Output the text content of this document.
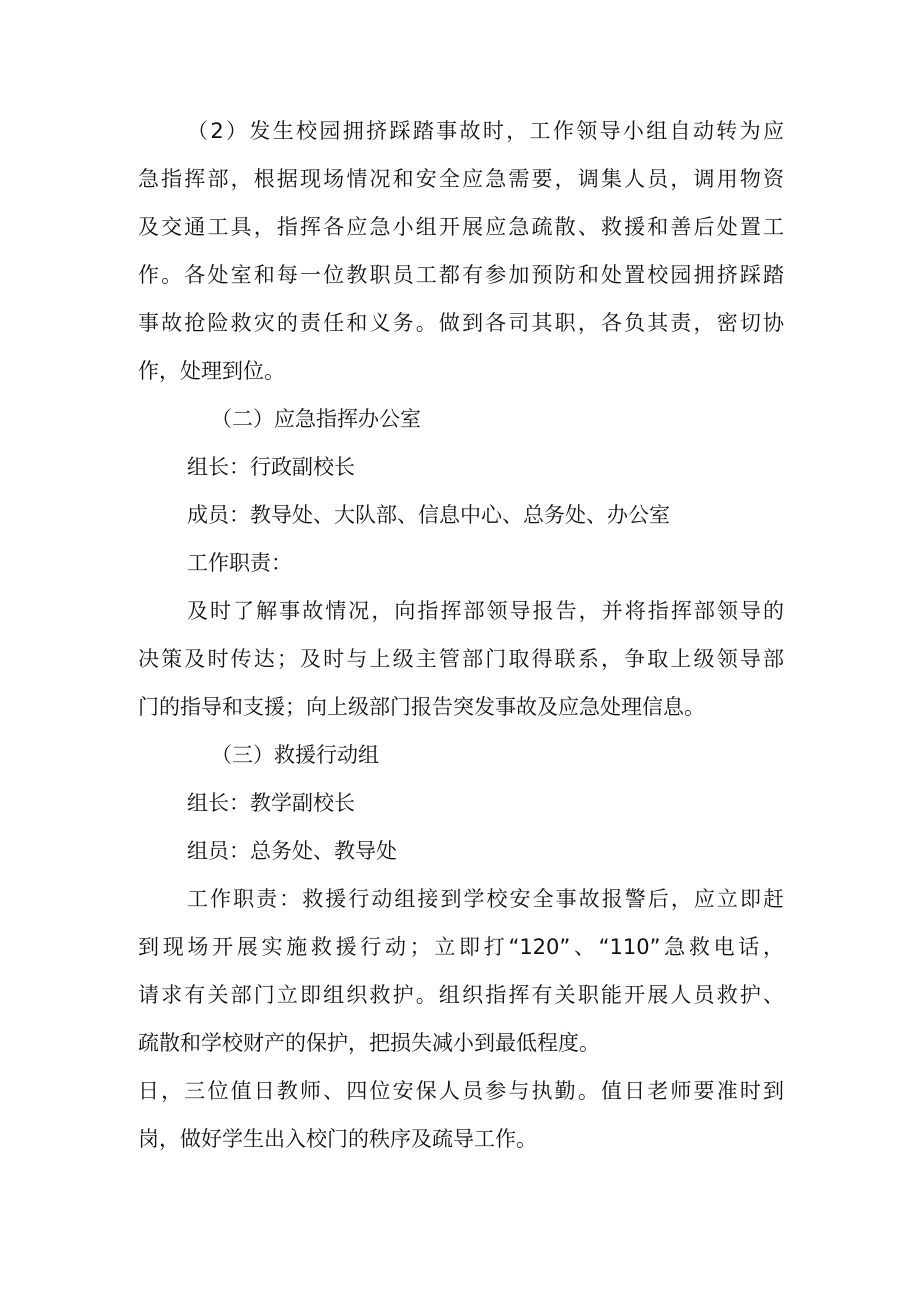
（2）发生校园拥挤踩踏事故时，工作领导小组自动转为应
急指挥部，根据现场情况和安全应急需要，调集人员，调用物资
及交通工具，指挥各应急小组开展应急疏散、救援和善后处置工
作。各处室和每一位教职员工都有参加预防和处置校园拥挤踩踏
事故抢险救灾的责任和义务。做到各司其职，各负其责，密切协
作，处理到位。
（二）应急指挥办公室
组长：行政副校长
成员：教导处、大队部、信息中心、总务处、办公室
工作职责：
及时了解事故情况，向指挥部领导报告，并将指挥部领导的
决策及时传达；及时与上级主管部门取得联系，争取上级领导部
门的指导和支援；向上级部门报告突发事故及应急处理信息。
（三）救援行动组
组长：教学副校长
组员：总务处、教导处
工作职责：救援行动组接到学校安全事故报警后，应立即赶
到现场开展实施救援行动；立即打“120”、“110”急救电话，
请求有关部门立即组织救护。组织指挥有关职能开展人员救护、
疏散和学校财产的保护，把损失减小到最低程度。
日，三位值日教师、四位安保人员参与执勤。值日老师要准时到
岗，做好学生出入校门的秩序及疏导工作。
